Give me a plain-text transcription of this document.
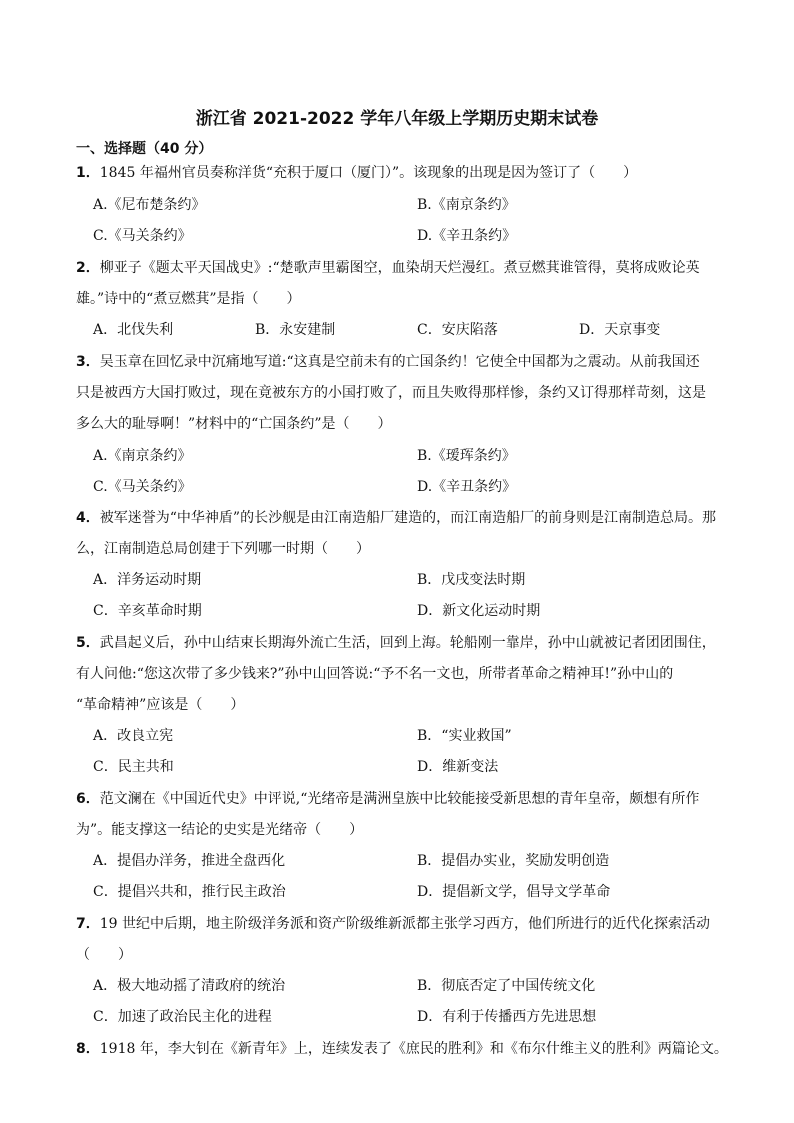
浙江省 2021-2022 学年八年级上学期历史期末试卷
一、选择题（40 分）
1．1845 年福州官员奏称洋货“充积于厦口（厦门）”。该现象的出现是因为签订了（　　）
A.《尼布楚条约》	B.《南京条约》
C.《马关条约》	D.《辛丑条约》
2．柳亚子《题太平天国战史》:“楚歌声里霸图空，血染胡天烂漫红。煮豆燃萁谁管得，莫将成败论英
雄。”诗中的“煮豆燃萁”是指（　　）
A．北伐失利	B．永安建制	C．安庆陷落	D．天京事变
3．吴玉章在回忆录中沉痛地写道:“这真是空前未有的亡国条约！它使全中国都为之震动。从前我国还
只是被西方大国打败过，现在竟被东方的小国打败了，而且失败得那样惨，条约又订得那样苛刻，这是
多么大的耻辱啊！”材料中的“亡国条约”是（　　）
A.《南京条约》	B.《瑷珲条约》
C.《马关条约》	D.《辛丑条约》
4．被军迷誉为“中华神盾”的长沙舰是由江南造船厂建造的，而江南造船厂的前身则是江南制造总局。那
么，江南制造总局创建于下列哪一时期（　　）
A．洋务运动时期	B．戊戌变法时期
C．辛亥革命时期	D．新文化运动时期
5．武昌起义后，孙中山结束长期海外流亡生活，回到上海。轮船刚一靠岸，孙中山就被记者团团围住，
有人问他:“您这次带了多少钱来?”孙中山回答说:“予不名一文也，所带者革命之精神耳!”孙中山的
“革命精神”应该是（　　）
A．改良立宪	B．“实业救国”
C．民主共和	D．维新变法
6．范文澜在《中国近代史》中评说,“光绪帝是满洲皇族中比较能接受新思想的青年皇帝，颇想有所作
为”。能支撑这一结论的史实是光绪帝（　　）
A．提倡办洋务，推进全盘西化	B．提倡办实业，奖励发明创造
C．提倡兴共和，推行民主政治	D．提倡新文学，倡导文学革命
7．19 世纪中后期，地主阶级洋务派和资产阶级维新派都主张学习西方，他们所进行的近代化探索活动
（　　）
A．极大地动摇了清政府的统治	B．彻底否定了中国传统文化
C．加速了政治民主化的进程	D．有利于传播西方先进思想
8．1918 年，李大钊在《新青年》上，连续发表了《庶民的胜利》和《布尔什维主义的胜利》两篇论文。
